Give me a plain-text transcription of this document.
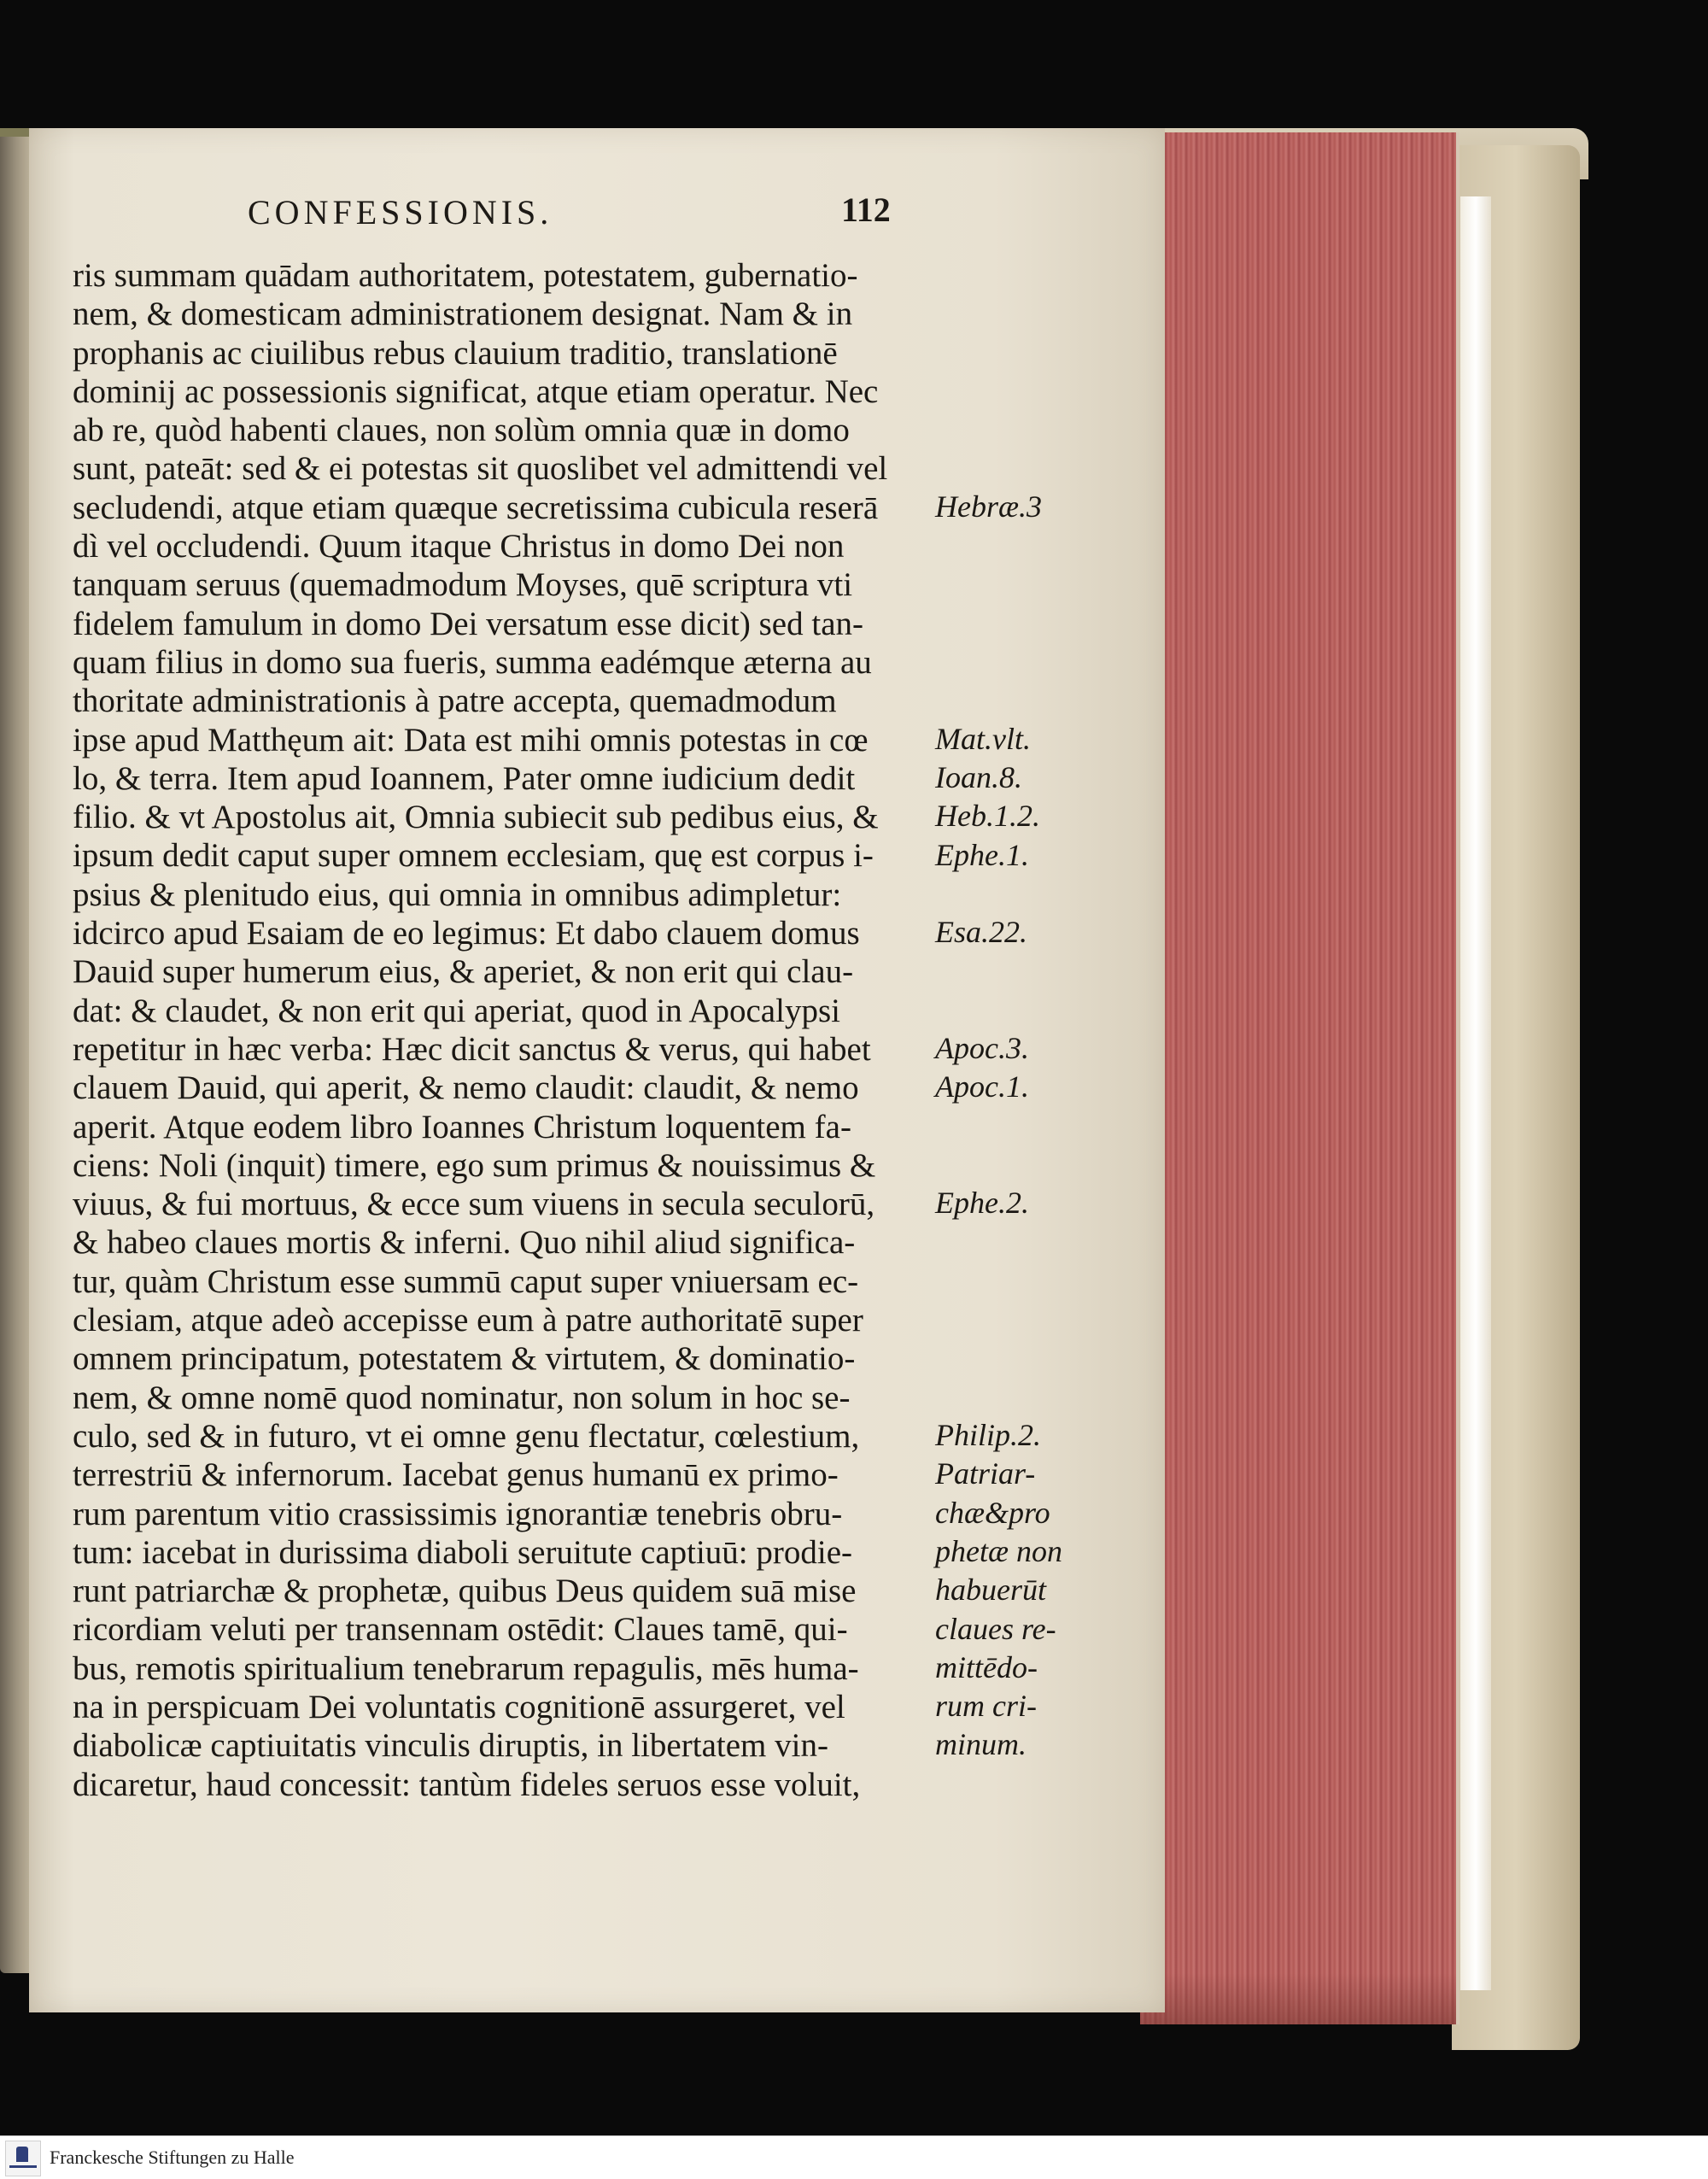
CONFESSIONIS.	112
ris summam quādam authoritatem, potestatem, gubernatio-
nem, & domesticam administrationem designat. Nam & in
prophanis ac ciuilibus rebus clauium traditio, translationē
dominij ac possessionis significat, atque etiam operatur. Nec
ab re, quòd habenti claues, non solùm omnia quæ in domo
sunt, pateāt: sed & ei potestas sit quoslibet vel admittendi vel
secludendi, atque etiam quæque secretissima cubicula reserā
dì vel occludendi. Quum itaque Christus in domo Dei non
tanquam seruus (quemadmodum Moyses, quē scriptura vti
fidelem famulum in domo Dei versatum esse dicit) sed tan-
quam filius in domo sua fueris, summa eadémque æterna au
thoritate administrationis à patre accepta, quemadmodum
ipse apud Matthęum ait: Data est mihi omnis potestas in cœ
lo, & terra. Item apud Ioannem, Pater omne iudicium dedit
filio. & vt Apostolus ait, Omnia subiecit sub pedibus eius, &
ipsum dedit caput super omnem ecclesiam, quę est corpus i-
psius & plenitudo eius, qui omnia in omnibus adimpletur:
idcirco apud Esaiam de eo legimus: Et dabo clauem domus
Dauid super humerum eius, & aperiet, & non erit qui clau-
dat: & claudet, & non erit qui aperiat, quod in Apocalypsi
repetitur in hæc verba: Hæc dicit sanctus & verus, qui habet
clauem Dauid, qui aperit, & nemo claudit: claudit, & nemo
aperit. Atque eodem libro Ioannes Christum loquentem fa-
ciens: Noli (inquit) timere, ego sum primus & nouissimus &
viuus, & fui mortuus, & ecce sum viuens in secula seculorū,
& habeo claues mortis & inferni. Quo nihil aliud significa-
tur, quàm Christum esse summū caput super vniuersam ec-
clesiam, atque adeò accepisse eum à patre authoritatē super
omnem principatum, potestatem & virtutem, & dominatio-
nem, & omne nomē quod nominatur, non solum in hoc se-
culo, sed & in futuro, vt ei omne genu flectatur, cœlestium,
terrestriū & infernorum. Iacebat genus humanū ex primo-
rum parentum vitio crassissimis ignorantiæ tenebris obru-
tum: iacebat in durissima diaboli seruitute captiuū: prodie-
runt patriarchæ & prophetæ, quibus Deus quidem suā mise
ricordiam veluti per transennam ostēdit: Claues tamē, qui-
bus, remotis spiritualium tenebrarum repagulis, mēs huma-
na in perspicuam Dei voluntatis cognitionē assurgeret, vel
diabolicæ captiuitatis vinculis diruptis, in libertatem vin-
dicaretur, haud concessit: tantùm fideles seruos esse voluit,
Hebræ.3
Mat.vlt.
Ioan.8.
Heb.1.2.
Ephe.1.
Esa.22.
Apoc.3.
Apoc.1.
Ephe.2.
Philip.2.
Patriar-
chæ&pro
phetæ non
habuerūt
claues re-
mittēdo-
rum cri-
minum.
Franckesche Stiftungen zu Halle
